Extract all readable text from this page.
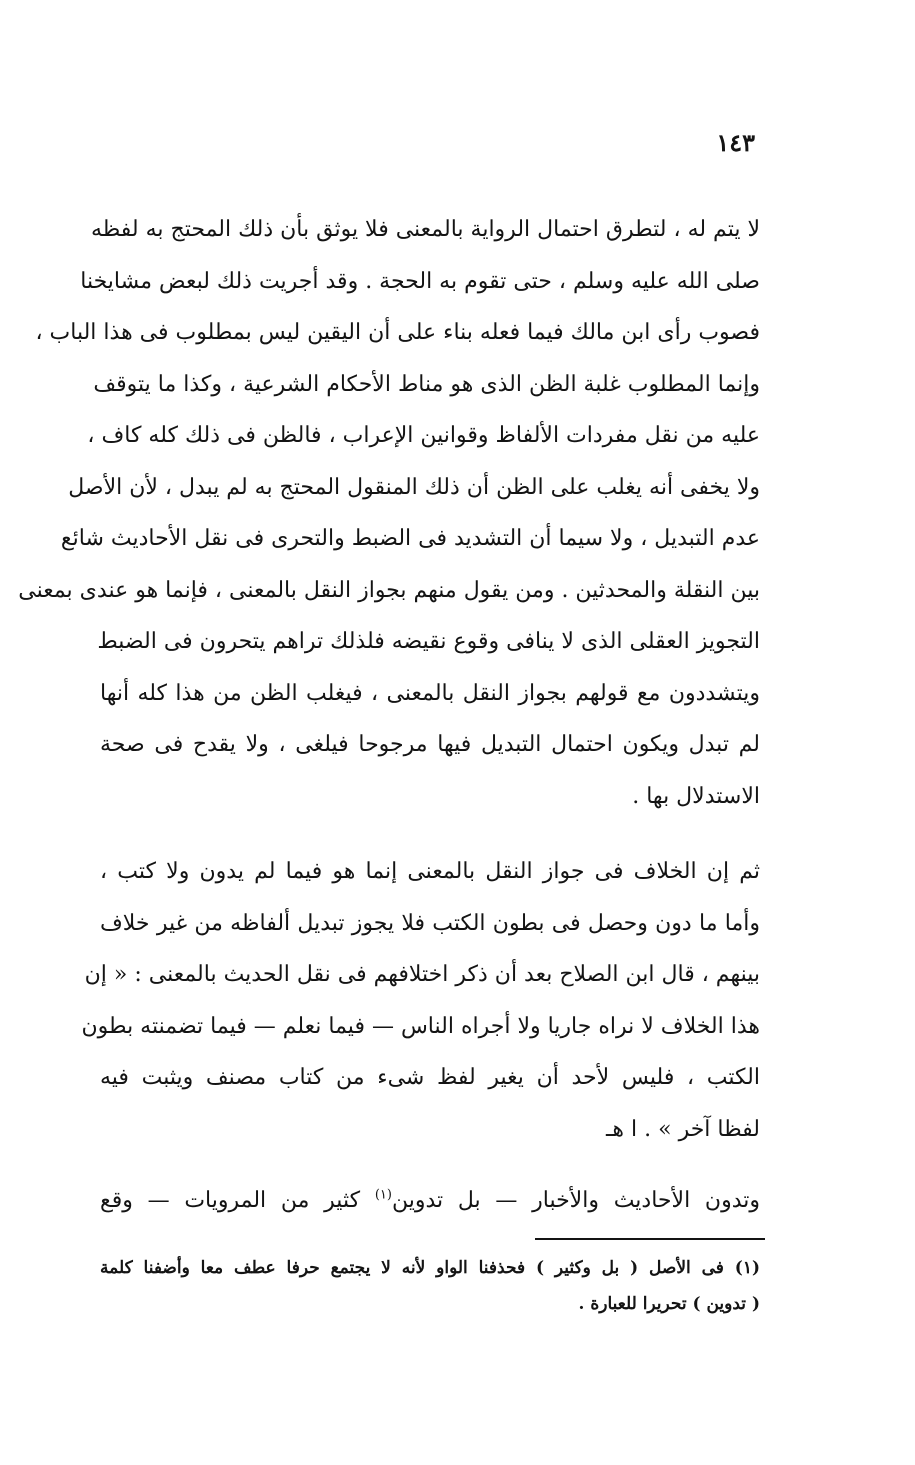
١٤٣
لا يتم له ، لتطرق احتمال الرواية بالمعنى فلا يوثق بأن ذلك المحتج به لفظه
صلى الله عليه وسلم ، حتى تقوم به الحجة . وقد أجريت ذلك لبعض مشايخنا
فصوب رأى ابن مالك فيما فعله بناء على أن اليقين ليس بمطلوب فى هذا الباب ،
وإنما المطلوب غلبة الظن الذى هو مناط الأحكام الشرعية ، وكذا ما يتوقف
عليه من نقل مفردات الألفاظ وقوانين الإعراب ، فالظن فى ذلك كله كاف ،
ولا يخفى أنه يغلب على الظن أن ذلك المنقول المحتج به لم يبدل ، لأن الأصل
عدم التبديل ، ولا سيما أن التشديد فى الضبط والتحرى فى نقل الأحاديث شائع
بين النقلة والمحدثين . ومن يقول منهم بجواز النقل بالمعنى ، فإنما هو عندى بمعنى
التجويز العقلى الذى لا ينافى وقوع نقيضه فلذلك تراهم يتحرون فى الضبط
ويتشددون مع قولهم بجواز النقل بالمعنى ، فيغلب الظن من هذا كله أنها
لم تبدل ويكون احتمال التبديل فيها مرجوحا فيلغى ، ولا يقدح فى صحة
الاستدلال بها .
ثم إن الخلاف فى جواز النقل بالمعنى إنما هو فيما لم يدون ولا كتب ،
وأما ما دون وحصل فى بطون الكتب فلا يجوز تبديل ألفاظه من غير خلاف
بينهم ، قال ابن الصلاح بعد أن ذكر اختلافهم فى نقل الحديث بالمعنى : « إن
هذا الخلاف لا نراه جاريا ولا أجراه الناس — فيما نعلم — فيما تضمنته بطون
الكتب ، فليس لأحد أن يغير لفظ شىء من كتاب مصنف ويثبت فيه
لفظا آخر » . ا هـ
وتدون الأحاديث والأخبار — بل تدوين$^{(١)}$ كثير من المرويات — وقع
(١) فى الأصل ( بل وكثير ) فحذفنا الواو لأنه لا يجتمع حرفا عطف معا وأضفنا كلمة
( تدوين ) تحريرا للعبارة .
